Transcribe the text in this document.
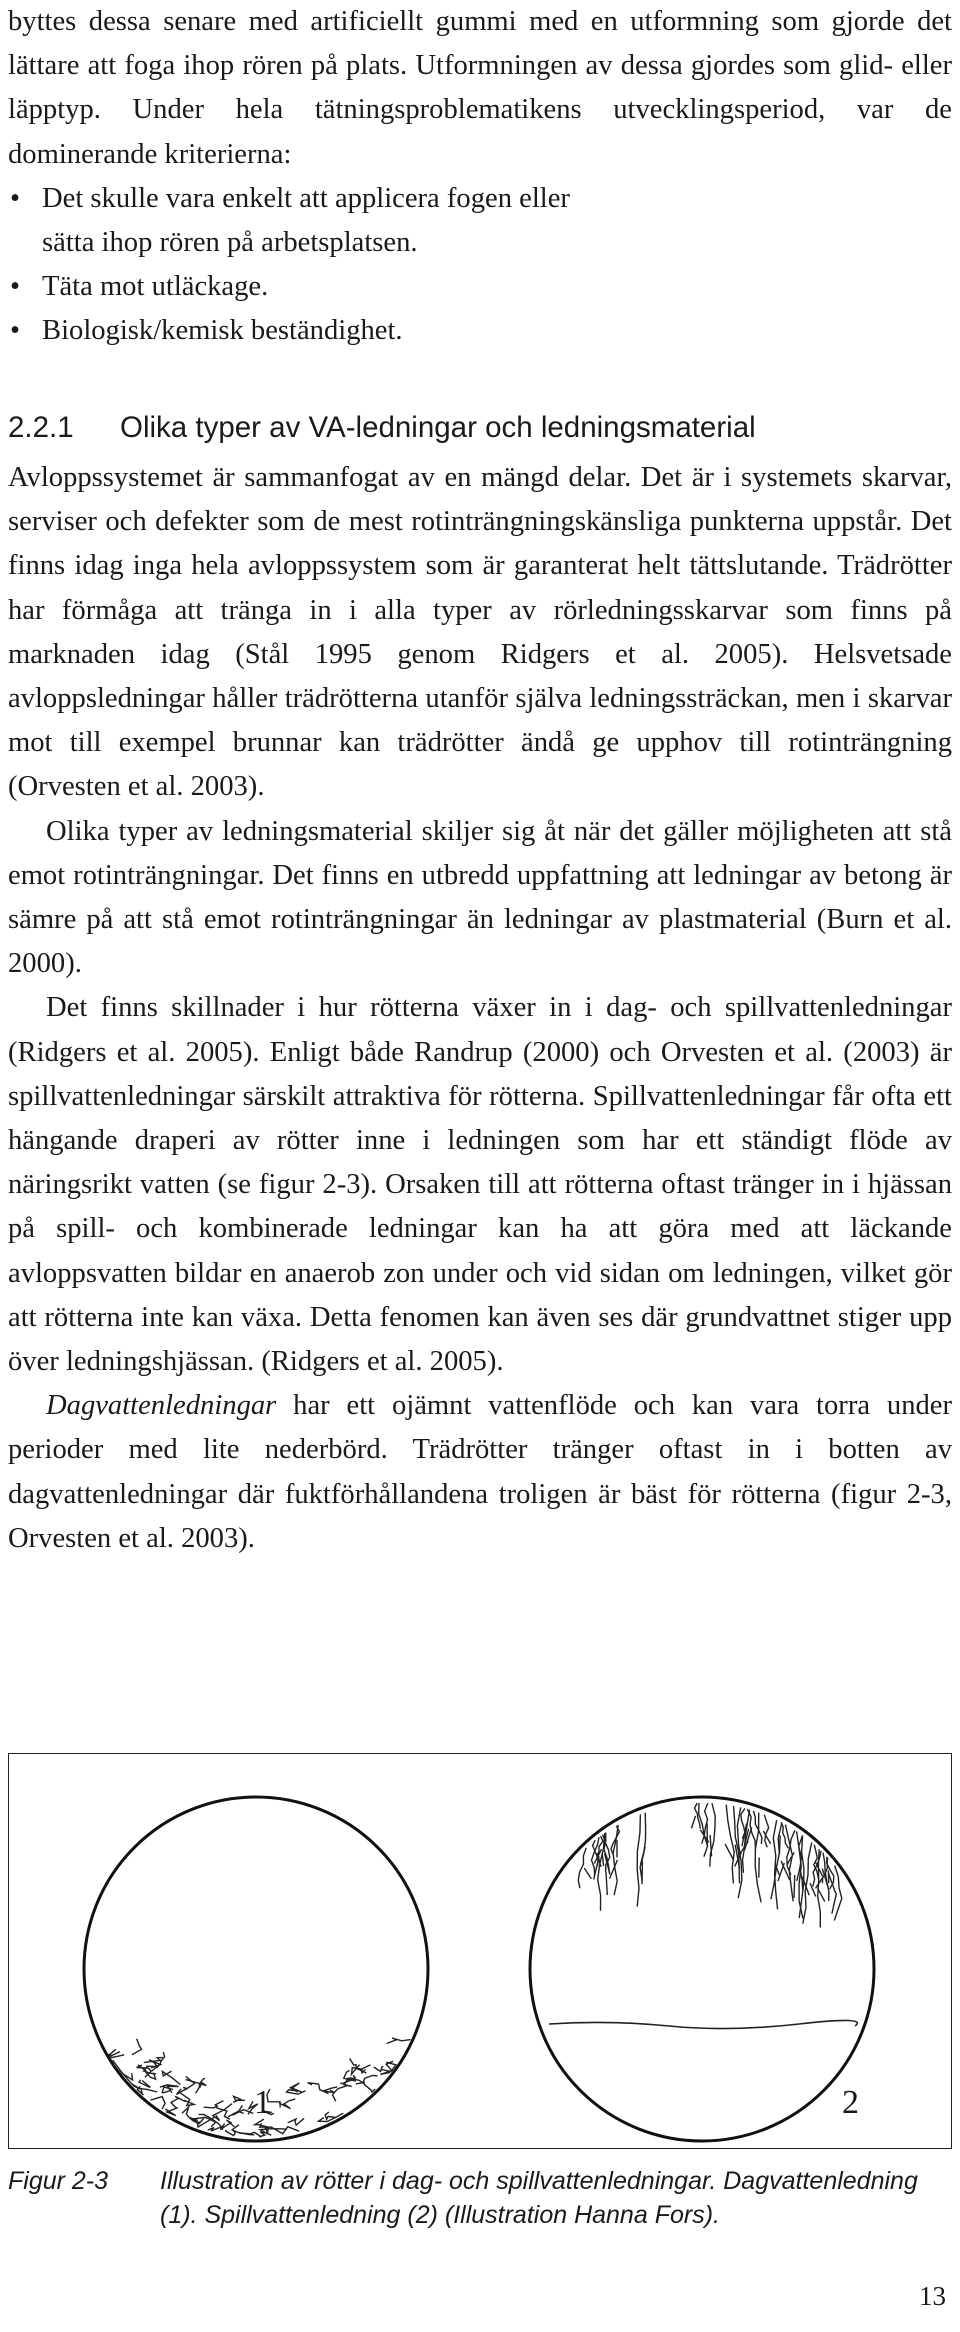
byttes dessa senare med artificiellt gummi med en utformning som gjorde det lättare att foga ihop rören på plats. Utformningen av dessa gjordes som glid- eller läpptyp. Under hela tätningsproblematikens utvecklingsperiod, var de dominerande kriterierna:

• Det skulle vara enkelt att applicera fogen eller sätta ihop rören på arbetsplatsen.
• Täta mot utläckage.
• Biologisk/kemisk beständighet.
2.2.1 Olika typer av VA-ledningar och ledningsmaterial

Avloppssystemet är sammanfogat av en mängd delar. Det är i systemets skarvar, serviser och defekter som de mest rotinträngningskänsliga punkterna uppstår. Det finns idag inga hela avloppssystem som är garanterat helt tättslutande. Trädrötter har förmåga att tränga in i alla typer av rörledningsskarvar som finns på marknaden idag (Stål 1995 genom Ridgers et al. 2005). Helsvetsade avloppsledningar håller trädrötterna utanför själva ledningssträckan, men i skarvar mot till exempel brunnar kan trädrötter ändå ge upphov till rotinträngning (Orvesten et al. 2003).

Olika typer av ledningsmaterial skiljer sig åt när det gäller möjligheten att stå emot rotinträngningar. Det finns en utbredd uppfattning att ledningar av betong är sämre på att stå emot rotinträngningar än ledningar av plastmaterial (Burn et al. 2000).

Det finns skillnader i hur rötterna växer in i dag- och spillvattenledningar (Ridgers et al. 2005). Enligt både Randrup (2000) och Orvesten et al. (2003) är spillvattenledningar särskilt attraktiva för rötterna. Spillvattenledningar får ofta ett hängande draperi av rötter inne i ledningen som har ett ständigt flöde av näringsrikt vatten (se figur 2-3). Orsaken till att rötterna oftast tränger in i hjässan på spill- och kombinerade ledningar kan ha att göra med att läckande avloppsvatten bildar en anaerob zon under och vid sidan om ledningen, vilket gör att rötterna inte kan växa. Detta fenomen kan även ses där grundvattnet stiger upp över ledningshjässan. (Ridgers et al. 2005).

Dagvattenledningar har ett ojämnt vattenflöde och kan vara torra under perioder med lite nederbörd. Trädrötter tränger oftast in i botten av dagvattenledningar där fuktförhållandena troligen är bäst för rötterna (figur 2-3, Orvesten et al. 2003).

1	2
Figur 2-3 Illustration av rötter i dag- och spillvattenledningar. Dagvattenledning (1). Spillvattenledning (2) (Illustration Hanna Fors).
13
